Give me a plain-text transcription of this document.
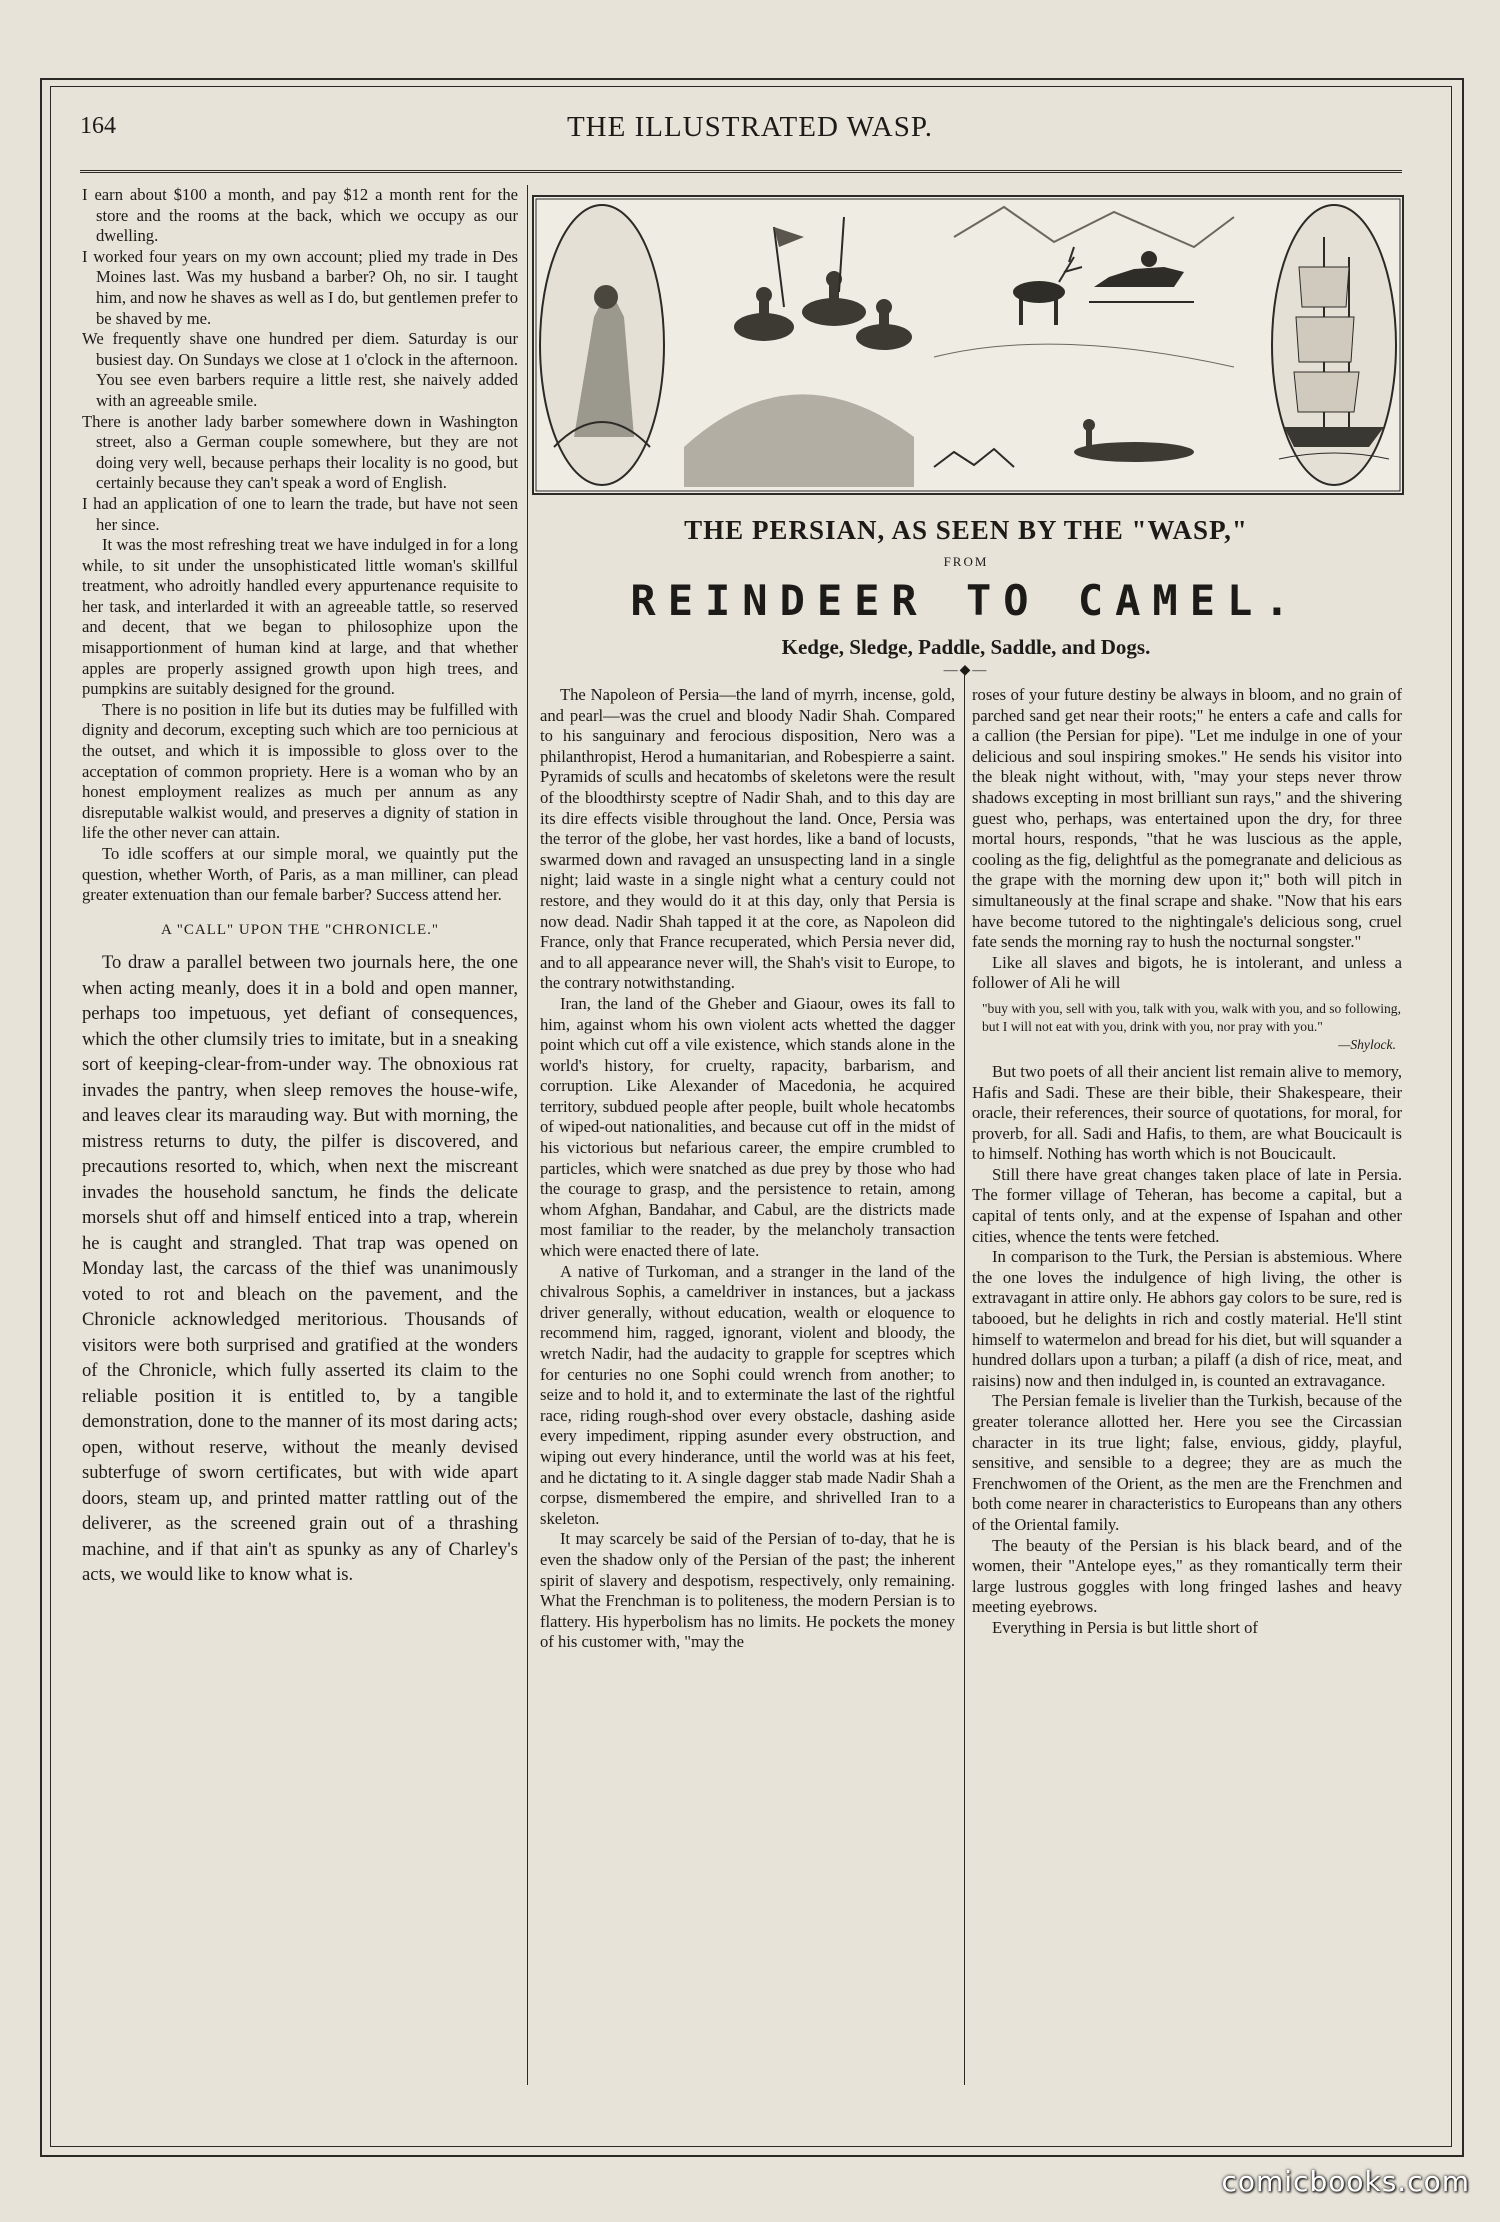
164	THE ILLUSTRATED WASP.

I earn about $100 a month, and pay $12 a month rent for the store and the rooms at the back, which we occupy as our dwelling.

I worked four years on my own account; plied my trade in Des Moines last. Was my husband a barber? Oh, no sir. I taught him, and now he shaves as well as I do, but gentlemen prefer to be shaved by me.

We frequently shave one hundred per diem. Saturday is our busiest day. On Sundays we close at 1 o'clock in the afternoon. You see even barbers require a little rest, she naively added with an agreeable smile.

There is another lady barber somewhere down in Washington street, also a German couple somewhere, but they are not doing very well, because perhaps their locality is no good, but certainly because they can't speak a word of English.

I had an application of one to learn the trade, but have not seen her since.

It was the most refreshing treat we have indulged in for a long while, to sit under the unsophisticated little woman's skillful treatment, who adroitly handled every appurtenance requisite to her task, and interlarded it with an agreeable tattle, so reserved and decent, that we began to philosophize upon the misapportionment of human kind at large, and that whether apples are properly assigned growth upon high trees, and pumpkins are suitably designed for the ground.

There is no position in life but its duties may be fulfilled with dignity and decorum, excepting such which are too pernicious at the outset, and which it is impossible to gloss over to the acceptation of common propriety. Here is a woman who by an honest employment realizes as much per annum as any disreputable walkist would, and preserves a dignity of station in life the other never can attain.

To idle scoffers at our simple moral, we quaintly put the question, whether Worth, of Paris, as a man milliner, can plead greater extenuation than our female barber? Success attend her.

A "CALL" UPON THE "CHRONICLE."

To draw a parallel between two journals here, the one when acting meanly, does it in a bold and open manner, perhaps too impetuous, yet defiant of consequences, which the other clumsily tries to imitate, but in a sneaking sort of keeping-clear-from-under way. The obnoxious rat invades the pantry, when sleep removes the house-wife, and leaves clear its marauding way. But with morning, the mistress returns to duty, the pilfer is discovered, and precautions resorted to, which, when next the miscreant invades the household sanctum, he finds the delicate morsels shut off and himself enticed into a trap, wherein he is caught and strangled. That trap was opened on Monday last, the carcass of the thief was unanimously voted to rot and bleach on the pavement, and the Chronicle acknowledged meritorious. Thousands of visitors were both surprised and gratified at the wonders of the Chronicle, which fully asserted its claim to the reliable position it is entitled to, by a tangible demonstration, done to the manner of its most daring acts; open, without reserve, without the meanly devised subterfuge of sworn certificates, but with wide apart doors, steam up, and printed matter rattling out of the deliverer, as the screened grain out of a thrashing machine, and if that ain't as spunky as any of Charley's acts, we would like to know what is.

THE PERSIAN, AS SEEN BY THE "WASP,"
FROM
REINDEER TO CAMEL.
Kedge, Sledge, Paddle, Saddle, and Dogs.
—◆—

The Napoleon of Persia—the land of myrrh, incense, gold, and pearl—was the cruel and bloody Nadir Shah. Compared to his sanguinary and ferocious disposition, Nero was a philanthropist, Herod a humanitarian, and Robespierre a saint. Pyramids of sculls and hecatombs of skeletons were the result of the bloodthirsty sceptre of Nadir Shah, and to this day are its dire effects visible throughout the land. Once, Persia was the terror of the globe, her vast hordes, like a band of locusts, swarmed down and ravaged an unsuspecting land in a single night; laid waste in a single night what a century could not restore, and they would do it at this day, only that Persia is now dead. Nadir Shah tapped it at the core, as Napoleon did France, only that France recuperated, which Persia never did, and to all appearance never will, the Shah's visit to Europe, to the contrary notwithstanding.

Iran, the land of the Gheber and Giaour, owes its fall to him, against whom his own violent acts whetted the dagger point which cut off a vile existence, which stands alone in the world's history, for cruelty, rapacity, barbarism, and corruption. Like Alexander of Macedonia, he acquired territory, subdued people after people, built whole hecatombs of wiped-out nationalities, and because cut off in the midst of his victorious but nefarious career, the empire crumbled to particles, which were snatched as due prey by those who had the courage to grasp, and the persistence to retain, among whom Afghan, Bandahar, and Cabul, are the districts made most familiar to the reader, by the melancholy transaction which were enacted there of late.

A native of Turkoman, and a stranger in the land of the chivalrous Sophis, a cameldriver in instances, but a jackass driver generally, without education, wealth or eloquence to recommend him, ragged, ignorant, violent and bloody, the wretch Nadir, had the audacity to grapple for sceptres which for centuries no one Sophi could wrench from another; to seize and to hold it, and to exterminate the last of the rightful race, riding rough-shod over every obstacle, dashing aside every impediment, ripping asunder every obstruction, and wiping out every hinderance, until the world was at his feet, and he dictating to it. A single dagger stab made Nadir Shah a corpse, dismembered the empire, and shrivelled Iran to a skeleton.

It may scarcely be said of the Persian of to-day, that he is even the shadow only of the Persian of the past; the inherent spirit of slavery and despotism, respectively, only remaining. What the Frenchman is to politeness, the modern Persian is to flattery. His hyperbolism has no limits. He pockets the money of his customer with, "may the

roses of your future destiny be always in bloom, and no grain of parched sand get near their roots;" he enters a cafe and calls for a callion (the Persian for pipe). "Let me indulge in one of your delicious and soul inspiring smokes." He sends his visitor into the bleak night without, with, "may your steps never throw shadows excepting in most brilliant sun rays," and the shivering guest who, perhaps, was entertained upon the dry, for three mortal hours, responds, "that he was luscious as the apple, cooling as the fig, delightful as the pomegranate and delicious as the grape with the morning dew upon it;" both will pitch in simultaneously at the final scrape and shake. "Now that his ears have become tutored to the nightingale's delicious song, cruel fate sends the morning ray to hush the nocturnal songster."

Like all slaves and bigots, he is intolerant, and unless a follower of Ali he will

"buy with you, sell with you, talk with you, walk with you, and so following, but I will not eat with you, drink with you, nor pray with you."
—Shylock.

But two poets of all their ancient list remain alive to memory, Hafis and Sadi. These are their bible, their Shakespeare, their oracle, their references, their source of quotations, for moral, for proverb, for all. Sadi and Hafis, to them, are what Boucicault is to himself. Nothing has worth which is not Boucicault.

Still there have great changes taken place of late in Persia. The former village of Teheran, has become a capital, but a capital of tents only, and at the expense of Ispahan and other cities, whence the tents were fetched.

In comparison to the Turk, the Persian is abstemious. Where the one loves the indulgence of high living, the other is extravagant in attire only. He abhors gay colors to be sure, red is tabooed, but he delights in rich and costly material. He'll stint himself to watermelon and bread for his diet, but will squander a hundred dollars upon a turban; a pilaff (a dish of rice, meat, and raisins) now and then indulged in, is counted an extravagance.

The Persian female is livelier than the Turkish, because of the greater tolerance allotted her. Here you see the Circassian character in its true light; false, envious, giddy, playful, sensitive, and sensible to a degree; they are as much the Frenchwomen of the Orient, as the men are the Frenchmen and both come nearer in characteristics to Europeans than any others of the Oriental family.

The beauty of the Persian is his black beard, and of the women, their "Antelope eyes," as they romantically term their large lustrous goggles with long fringed lashes and heavy meeting eyebrows.

Everything in Persia is but little short of

comicbooks.com
